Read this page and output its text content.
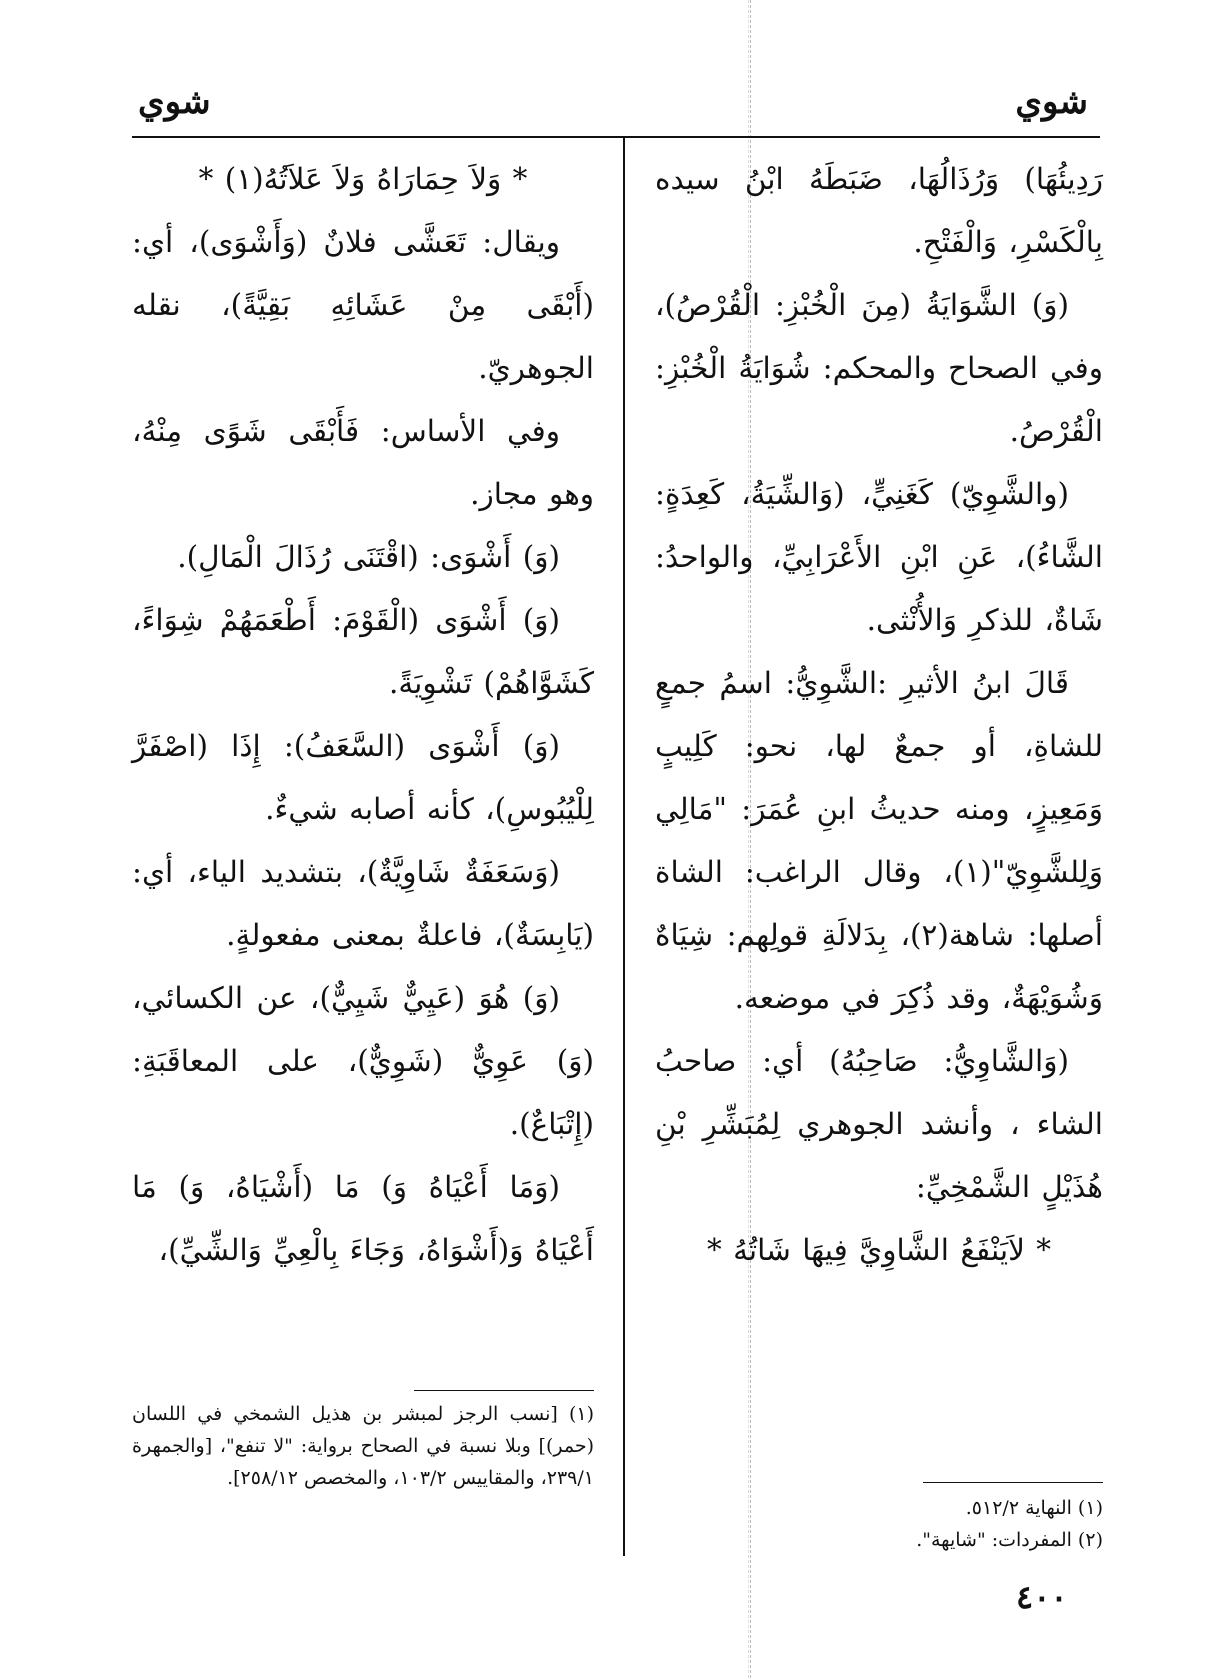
شوي
شوي

رَدِيئُهَا) وَرُذَالُهَا، ضَبَطَهُ ابْنُ سيده بِالْكَسْرِ، وَالْفَتْحِ.

(وَ) الشَّوَايَةُ (مِنَ الْخُبْزِ: الْقُرْصُ)، وفي الصحاح والمحكم: شُوَايَةُ الْخُبْزِ: الْقُرْصُ.

(والشَّوِيّ) كَغَنِيٍّ، (وَالشِّيَةُ، كَعِدَةٍ: الشَّاءُ)، عَنِ ابْنِ الأَعْرَابِيِّ، والواحدُ: شَاةٌ، للذكرِ وَالأُنْثى.

قَالَ ابنُ الأثيرِ :الشَّوِيُّ: اسمُ جمعٍ للشاةِ، أو جمعٌ لها، نحو: كَلِيبٍ وَمَعِيزٍ، ومنه حديثُ ابنِ عُمَرَ: "مَالِي وَلِلشَّوِيّ"(١)، وقال الراغب: الشاة أصلها: شاهة(٢)، بِدَلالَةِ قولِهم: شِيَاهٌ وَشُوَيْهَةٌ، وقد ذُكِرَ في موضعه.

(وَالشَّاوِيُّ: صَاحِبُهُ) أي: صاحبُ الشاء ، وأنشد الجوهري لِمُبَشِّرِ بْنِ هُذَيْلٍ الشَّمْخِيِّ:

* لاَيَنْفَعُ الشَّاوِيَّ فِيهَا شَاتُهُ *

* وَلاَ حِمَارَاهُ وَلاَ عَلاَتُهُ(١) *

ويقال: تَعَشَّى فلانٌ (وَأَشْوَى)، أي: (أَبْقَى مِنْ عَشَائِهِ بَقِيَّةً)، نقله الجوهريّ.

وفي الأساس: فَأَبْقَى شَوًى مِنْهُ، وهو مجاز.

(وَ) أَشْوَى: (اقْتَنَى رُذَالَ الْمَالِ).

(وَ) أَشْوَى (الْقَوْمَ: أَطْعَمَهُمْ شِوَاءً، كَشَوَّاهُمْ) تَشْوِيَةً.

(وَ) أَشْوَى (السَّعَفُ): إِذَا (اصْفَرَّ لِلْيُبُوسِ)، كأنه أصابه شيءٌ.

(وَسَعَفَةٌ شَاوِيَّةٌ)، بتشديد الياء، أي: (يَابِسَةٌ)، فاعلةٌ بمعنى مفعولةٍ.

(وَ) هُوَ (عَيِيٌّ شَيِيٌّ)، عن الكسائي، (وَ) عَوِيٌّ (شَوِيٌّ)، على المعاقَبَةِ: (إِتْبَاعٌ).

(وَمَا أَعْيَاهُ وَ) مَا (أَشْيَاهُ، وَ) مَا أَعْيَاهُ وَ(أَشْوَاهُ، وَجَاءَ بِالْعِيِّ وَالشِّيِّ)،

(١) [نسب الرجز لمبشر بن هذيل الشمخي في اللسان (حمر)] وبلا نسبة في الصحاح برواية: "لا تنفع"، [والجمهرة ٢٣٩/١، والمقاييس ١٠٣/٢، والمخصص ٢٥٨/١٢].
(١) النهاية ٥١٢/٢.
(٢) المفردات: "شايهة".
٤٠٠
